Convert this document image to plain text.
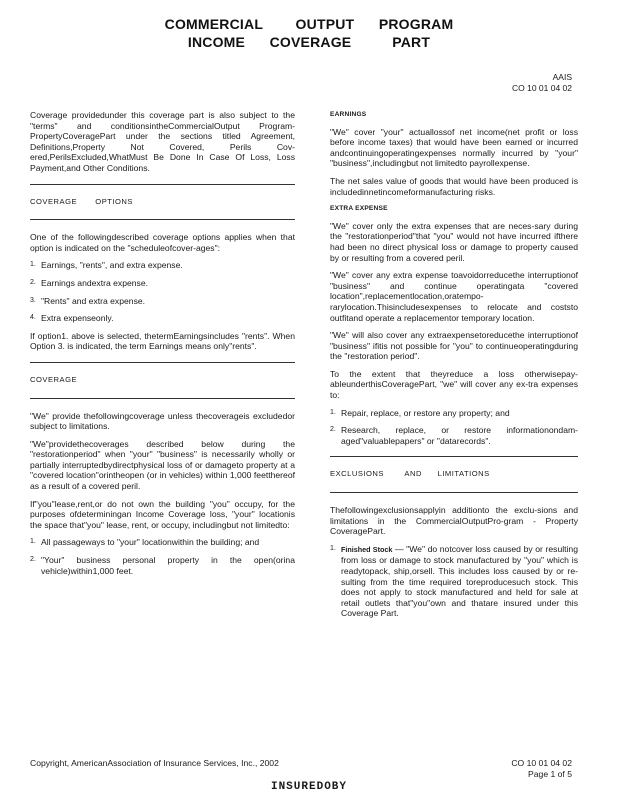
COMMERCIAL        OUTPUT      PROGRAM
INCOME      COVERAGE          PART
AAIS
CO 10 01 04 02

Coverage providedunder this coverage part is also subject to the "terms" and conditionsintheCommercialOutput Program-PropertyCoveragePart under the sections titled Agreement, Definitions,Property Not Covered, Perils Cov-ered,PerilsExcluded,WhatMust Be Done In Case Of Loss, Loss Payment,and Other Conditions.

COVERAGE       OPTIONS

One of the followingdescribed coverage options applies when that option is indicated on the "scheduleofcover-ages":

1. Earnings, "rents", and extra expense.
2. Earnings andextra expense.
3. "Rents" and extra expense.
4. Extra expenseonly.

If option1. above is selected, thetermEarningsincludes "rents". When Option 3. is indicated, the term Earnings means only"rents".

COVERAGE

"We" provide thefollowingcoverage unless thecoverageis excludedor subject to limitations.

"We"providethecoverages described below during the "restorationperiod" when "your" "business" is necessarily wholly or partially interruptedbydirectphysical loss of or damageto property at a "covered location"orintheopen (or in vehicles) within 1,000 feetthereof as a result of a covered peril.

If"you"lease,rent,or do not own the building "you" occupy, for the purposes ofdeterminingan Income Coverage loss, "your" locationis the space that"you" lease, rent, or occupy, includingbut not limitedto:

1. All passageways to "your" locationwithin the building; and
2. "Your" business personal property in the open(orina vehicle)within1,000 feet.
EARNINGS

"We" cover "your" actuallossof net income(net profit or loss before income taxes) that would have been earned or incurred andcontinuingoperatingexpenses normally incurred by "your" "business",includingbut not limitedto payrollexpense.

The net sales value of goods that would have been produced is includedinnetincomeformanufacturing risks.

EXTRA EXPENSE

"We" cover only the extra expenses that are neces-sary during the "restorationperiod"that "you" would not have incurred ifthere had been no direct physical loss or damage to property caused by or resulting from a covered peril.

"We" cover any extra expense toavoidorreducethe interruptionof "business" and continue operatingata "covered location",replacementlocation,oratempo-rarylocation.Thisincludesexpenses to relocate and coststo outfitand operate a replacementor temporary location.

"We" will also cover any extraexpensetoreducethe interruptionof "business" ifitis not possible for "you" to continueoperatingduring the "restoration period".

To the extent that theyreduce a loss otherwisepay-ableunderthisCoveragePart, "we" will cover any ex-tra expenses to:

1. Repair, replace, or restore any property; and
2. Research, replace, or restore informationondam-aged"valuablepapers" or "datarecords".
EXCLUSIONS        AND      LIMITATIONS

Thefollowingexclusionsapplyin additionto the exclu-sions and limitations in the CommercialOutputPro-gram - Property CoveragePart.

1. Finished Stock — "We" do notcover loss caused by or resulting from loss or damage to stock manufactured by "you" which is readytopack, ship,orsell. This includes loss caused by or re-sulting from the time required toreproducesuch stock. This does not apply to stock manufactured and held for sale at retail outlets that"you"own and thatare insured under this Coverage Part.
Copyright, AmericanAssociation of Insurance Services, Inc., 2002	CO 10 01 04 02
Page 1 of 5
INSUREDOBY
